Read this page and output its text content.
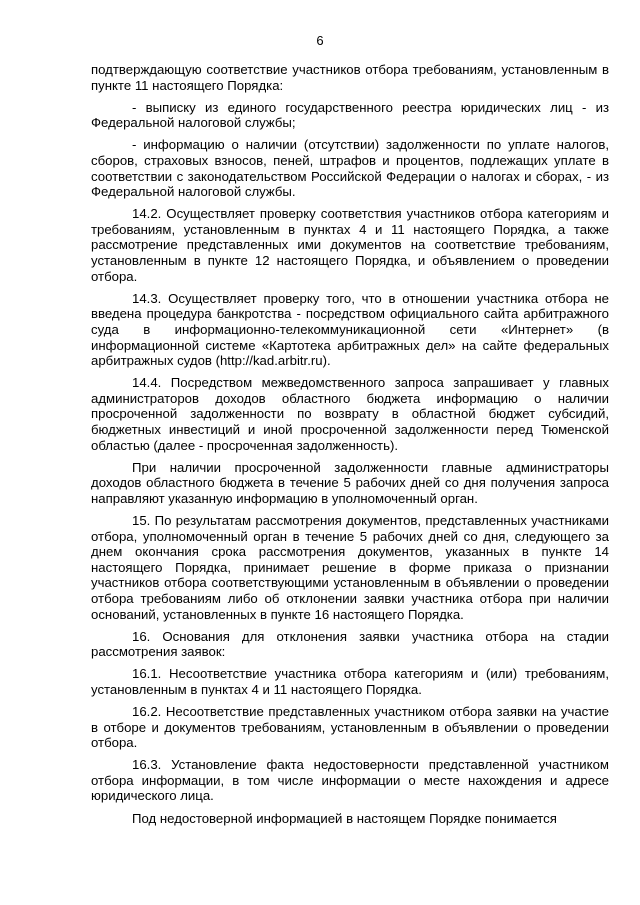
6

подтверждающую соответствие участников отбора требованиям, установленным в пункте 11 настоящего Порядка:

- выписку из единого государственного реестра юридических лиц - из Федеральной налоговой службы;

- информацию о наличии (отсутствии) задолженности по уплате налогов, сборов, страховых взносов, пеней, штрафов и процентов, подлежащих уплате в соответствии с законодательством Российской Федерации о налогах и сборах, - из Федеральной налоговой службы.

14.2. Осуществляет проверку соответствия участников отбора категориям и требованиям, установленным в пунктах 4 и 11 настоящего Порядка, а также рассмотрение представленных ими документов на соответствие требованиям, установленным в пункте 12 настоящего Порядка, и объявлением о проведении отбора.

14.3. Осуществляет проверку того, что в отношении участника отбора не введена процедура банкротства - посредством официального сайта арбитражного суда в информационно-телекоммуникационной сети «Интернет» (в информационной системе «Картотека арбитражных дел» на сайте федеральных арбитражных судов (http://kad.arbitr.ru).

14.4. Посредством межведомственного запроса запрашивает у главных администраторов доходов областного бюджета информацию о наличии просроченной задолженности по возврату в областной бюджет субсидий, бюджетных инвестиций и иной просроченной задолженности перед Тюменской областью (далее - просроченная задолженность).

При наличии просроченной задолженности главные администраторы доходов областного бюджета в течение 5 рабочих дней со дня получения запроса направляют указанную информацию в уполномоченный орган.

15. По результатам рассмотрения документов, представленных участниками отбора, уполномоченный орган в течение 5 рабочих дней со дня, следующего за днем окончания срока рассмотрения документов, указанных в пункте 14 настоящего Порядка, принимает решение в форме приказа о признании участников отбора соответствующими установленным в объявлении о проведении отбора требованиям либо об отклонении заявки участника отбора при наличии оснований, установленных в пункте 16 настоящего Порядка.

16. Основания для отклонения заявки участника отбора на стадии рассмотрения заявок:

16.1. Несоответствие участника отбора категориям и (или) требованиям, установленным в пунктах 4 и 11 настоящего Порядка.

16.2. Несоответствие представленных участником отбора заявки на участие в отборе и документов требованиям, установленным в объявлении о проведении отбора.

16.3. Установление факта недостоверности представленной участником отбора информации, в том числе информации о месте нахождения и адресе юридического лица.

Под недостоверной информацией в настоящем Порядке понимается
